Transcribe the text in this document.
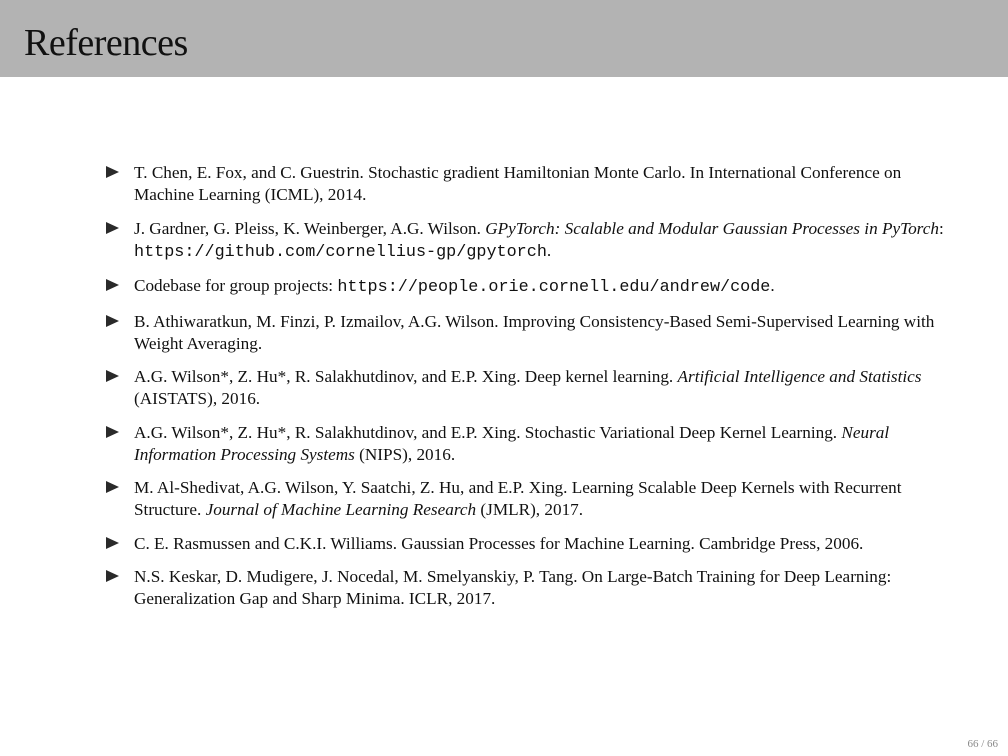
References
T. Chen, E. Fox, and C. Guestrin. Stochastic gradient Hamiltonian Monte Carlo. In International Conference on Machine Learning (ICML), 2014.
J. Gardner, G. Pleiss, K. Weinberger, A.G. Wilson. GPyTorch: Scalable and Modular Gaussian Processes in PyTorch: https://github.com/cornellius-gp/gpytorch.
Codebase for group projects: https://people.orie.cornell.edu/andrew/code.
B. Athiwaratkun, M. Finzi, P. Izmailov, A.G. Wilson. Improving Consistency-Based Semi-Supervised Learning with Weight Averaging.
A.G. Wilson*, Z. Hu*, R. Salakhutdinov, and E.P. Xing. Deep kernel learning. Artificial Intelligence and Statistics (AISTATS), 2016.
A.G. Wilson*, Z. Hu*, R. Salakhutdinov, and E.P. Xing. Stochastic Variational Deep Kernel Learning. Neural Information Processing Systems (NIPS), 2016.
M. Al-Shedivat, A.G. Wilson, Y. Saatchi, Z. Hu, and E.P. Xing. Learning Scalable Deep Kernels with Recurrent Structure. Journal of Machine Learning Research (JMLR), 2017.
C. E. Rasmussen and C.K.I. Williams. Gaussian Processes for Machine Learning. Cambridge Press, 2006.
N.S. Keskar, D. Mudigere, J. Nocedal, M. Smelyanskiy, P. Tang. On Large-Batch Training for Deep Learning: Generalization Gap and Sharp Minima. ICLR, 2017.
66 / 66
